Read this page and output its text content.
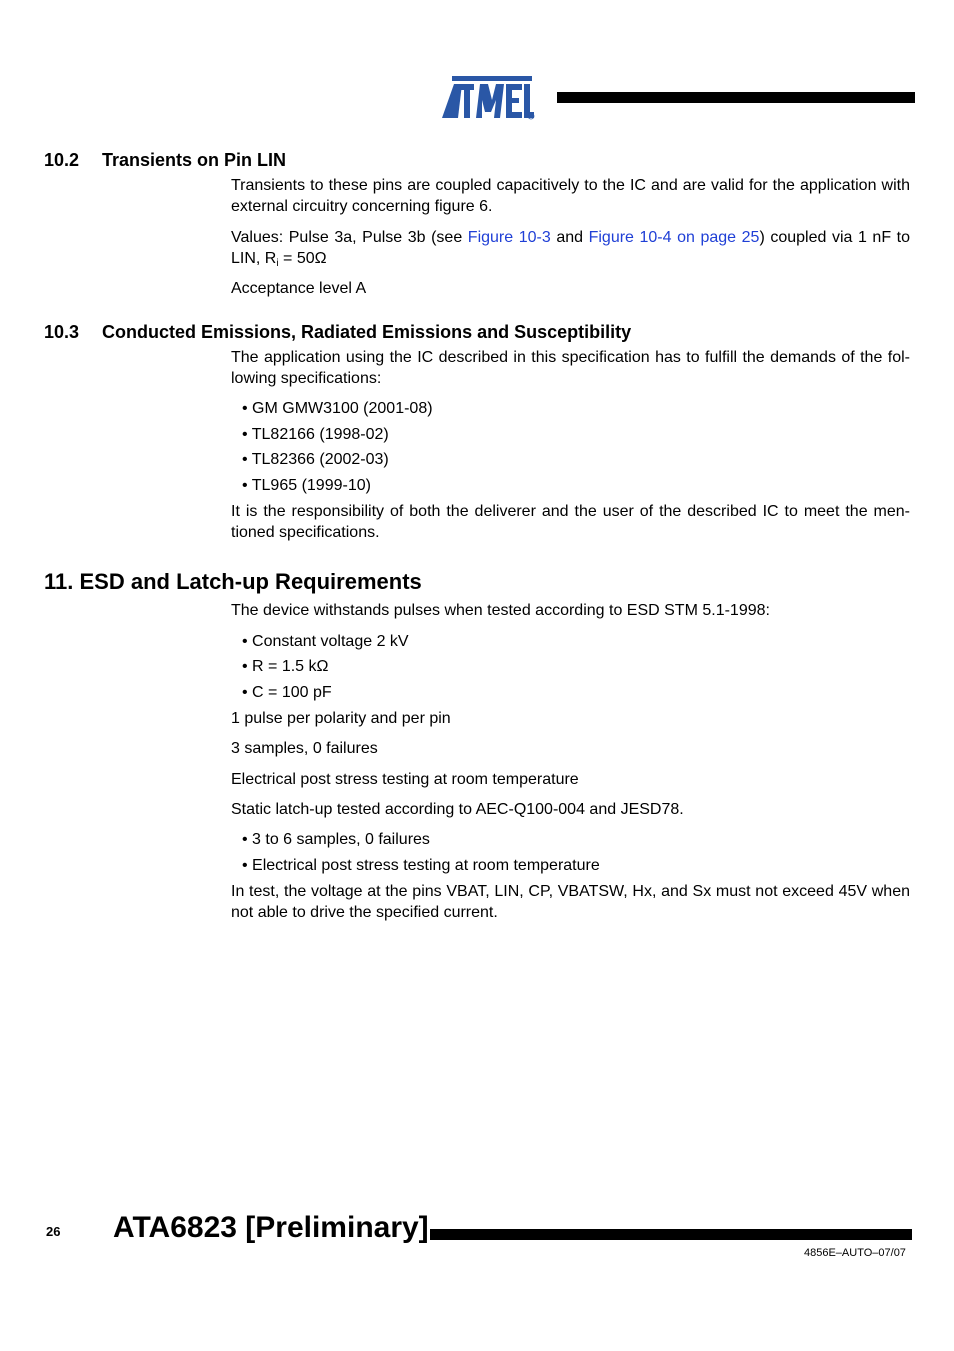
10.2 Transients on Pin LIN

Transients to these pins are coupled capacitively to the IC and are valid for the application with external circuitry concerning figure 6.

Values: Pulse 3a, Pulse 3b (see Figure 10-3 and Figure 10-4 on page 25) coupled via 1 nF to LIN, $R_i = 50\Omega$

Acceptance level A

10.3 Conducted Emissions, Radiated Emissions and Susceptibility

The application using the IC described in this specification has to fulfill the demands of the fol-lowing specifications:

• GM GMW3100 (2001-08)
• TL82166 (1998-02)
• TL82366 (2002-03)
• TL965 (1999-10)

It is the responsibility of both the deliverer and the user of the described IC to meet the men-tioned specifications.

11. ESD and Latch-up Requirements

The device withstands pulses when tested according to ESD STM 5.1-1998:

• Constant voltage 2 kV
• R = 1.5 kΩ
• C = 100 pF

1 pulse per polarity and per pin

3 samples, 0 failures

Electrical post stress testing at room temperature

Static latch-up tested according to AEC-Q100-004 and JESD78.

• 3 to 6 samples, 0 failures
• Electrical post stress testing at room temperature

In test, the voltage at the pins VBAT, LIN, CP, VBATSW, Hx, and Sx must not exceed 45V when not able to drive the specified current.

26 ATA6823 [Preliminary]
4856E–AUTO–07/07
